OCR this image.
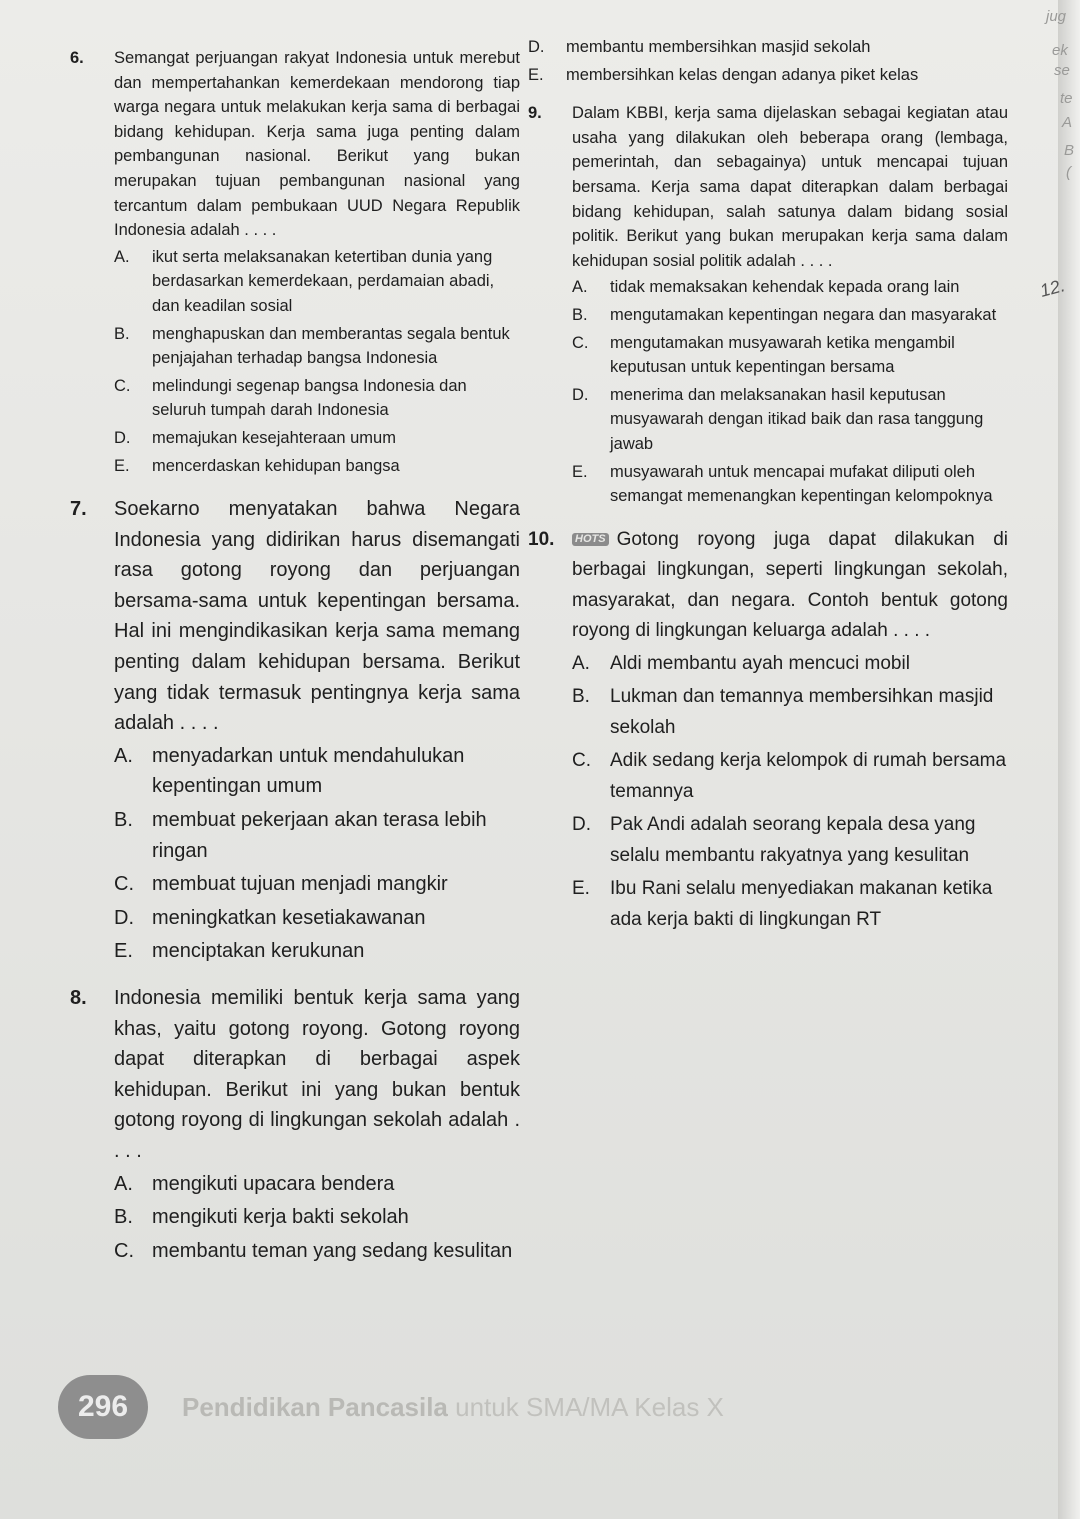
jug
ek
se
te
A
B
(
12.
6.	Semangat perjuangan rakyat Indonesia untuk merebut dan mempertahankan kemerdekaan mendorong tiap warga negara untuk melakukan kerja sama di berbagai bidang kehidupan. Kerja sama juga penting dalam pembangunan nasional. Berikut yang bukan merupakan tujuan pembangunan nasional yang tercantum dalam pembukaan UUD Negara Republik Indonesia adalah . . . .
A.	ikut serta melaksanakan ketertiban dunia yang berdasarkan kemerdekaan, perdamaian abadi, dan keadilan sosial
B.	menghapuskan dan memberantas segala bentuk penjajahan terhadap bangsa Indonesia
C.	melindungi segenap bangsa Indonesia dan seluruh tumpah darah Indonesia
D.	memajukan kesejahteraan umum
E.	mencerdaskan kehidupan bangsa
7.	Soekarno menyatakan bahwa Negara Indonesia yang didirikan harus disemangati rasa gotong royong dan perjuangan bersama-sama untuk kepentingan bersama. Hal ini mengindikasikan kerja sama memang penting dalam kehidupan bersama. Berikut yang tidak termasuk pentingnya kerja sama adalah . . . .
A. menyadarkan untuk mendahulukan kepentingan umum
B. membuat pekerjaan akan terasa lebih ringan
C. membuat tujuan menjadi mangkir
D. meningkatkan kesetiakawanan
E. menciptakan kerukunan
8.	Indonesia memiliki bentuk kerja sama yang khas, yaitu gotong royong. Gotong royong dapat diterapkan di berbagai aspek kehidupan. Berikut ini yang bukan bentuk gotong royong di lingkungan sekolah adalah . . . .
A. mengikuti upacara bendera
B. mengikuti kerja bakti sekolah
C. membantu teman yang sedang kesulitan
D.	membantu membersihkan masjid sekolah
E.	membersihkan kelas dengan adanya piket kelas
9.	Dalam KBBI, kerja sama dijelaskan sebagai kegiatan atau usaha yang dilakukan oleh beberapa orang (lembaga, pemerintah, dan sebagainya) untuk mencapai tujuan bersama. Kerja sama dapat diterapkan dalam berbagai bidang kehidupan, salah satunya dalam bidang sosial politik. Berikut yang bukan merupakan kerja sama dalam kehidupan sosial politik adalah . . . .
A.	tidak memaksakan kehendak kepada orang lain
B.	mengutamakan kepentingan negara dan masyarakat
C.	mengutamakan musyawarah ketika mengambil keputusan untuk kepentingan bersama
D.	menerima dan melaksanakan hasil keputusan musyawarah dengan itikad baik dan rasa tanggung jawab
E.	musyawarah untuk mencapai mufakat diliputi oleh semangat memenangkan kepentingan kelompoknya
10.	HOTS Gotong royong juga dapat dilakukan di berbagai lingkungan, seperti lingkungan sekolah, masyarakat, dan negara. Contoh bentuk gotong royong di lingkungan keluarga adalah . . . .
A.	Aldi membantu ayah mencuci mobil
B.	Lukman dan temannya membersihkan masjid sekolah
C.	Adik sedang kerja kelompok di rumah bersama temannya
D.	Pak Andi adalah seorang kepala desa yang selalu membantu rakyatnya yang kesulitan
E.	Ibu Rani selalu menyediakan makanan ketika ada kerja bakti di lingkungan RT
296	Pendidikan Pancasila untuk SMA/MA Kelas X
